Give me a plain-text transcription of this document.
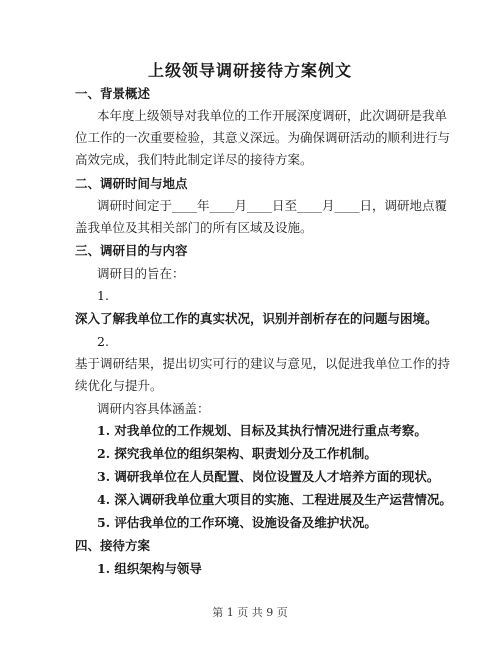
上级领导调研接待方案例文
一、背景概述
本年度上级领导对我单位的工作开展深度调研，此次调研是我单
位工作的一次重要检验，其意义深远。为确保调研活动的顺利进行与
高效完成，我们特此制定详尽的接待方案。
二、调研时间与地点
调研时间定于____年____月____日至____月____日，调研地点覆
盖我单位及其相关部门的所有区域及设施。
三、调研目的与内容
调研目的旨在：
1.
深入了解我单位工作的真实状况，识别并剖析存在的问题与困境。
2.
基于调研结果，提出切实可行的建议与意见，以促进我单位工作的持
续优化与提升。
调研内容具体涵盖：
1. 对我单位的工作规划、目标及其执行情况进行重点考察。
2. 探究我单位的组织架构、职责划分及工作机制。
3. 调研我单位在人员配置、岗位设置及人才培养方面的现状。
4. 深入调研我单位重大项目的实施、工程进展及生产运营情况。
5. 评估我单位的工作环境、设施设备及维护状况。
四、接待方案
1. 组织架构与领导
第 1 页 共 9 页
